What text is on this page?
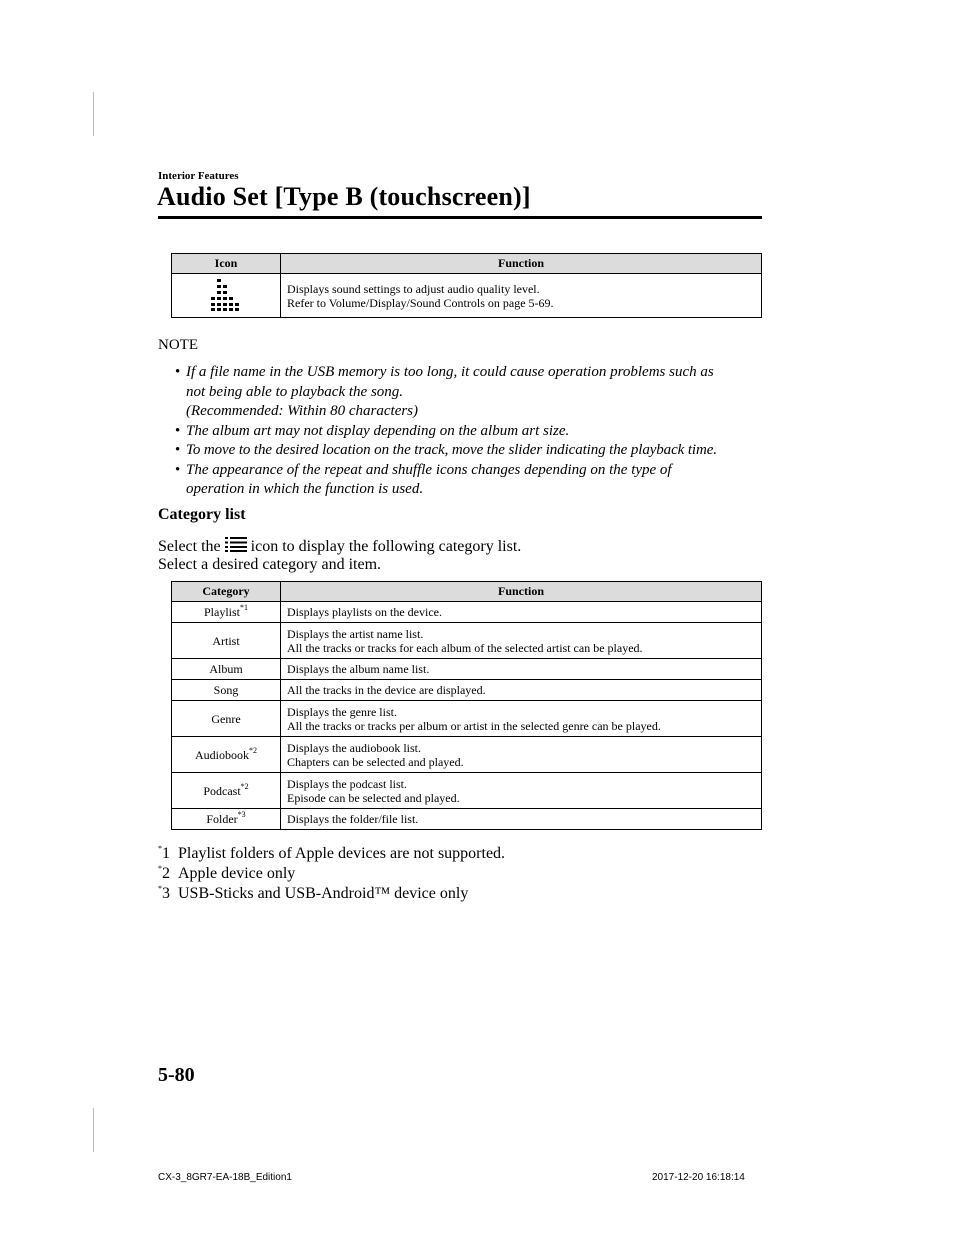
Interior Features
Audio Set [Type B (touchscreen)]
Icon	Function

Displays sound settings to adjust audio quality level.
Refer to Volume/Display/Sound Controls on page 5-69.
NOTE
• If a file name in the USB memory is too long, it could cause operation problems such as
not being able to playback the song.
(Recommended: Within 80 characters)
• The album art may not display depending on the album art size.
• To move to the desired location on the track, move the slider indicating the playback time.
• The appearance of the repeat and shuffle icons changes depending on the type of
operation in which the function is used.
Category list
Select the icon to display the following category list.
Select a desired category and item.
Category	Function
Playlist$^{*1}$	Displays playlists on the device.

Artist	Displays the artist name list.
All the tracks or tracks for each album of the selected artist can be played.

Album	Displays the album name list.

Song	All the tracks in the device are displayed.

Genre	Displays the genre list.
All the tracks or tracks per album or artist in the selected genre can be played.

Audiobook$^{*2}$	Displays the audiobook list.
Chapters can be selected and played.

Podcast$^{*2}$	Displays the podcast list.
Episode can be selected and played.

Folder$^{*3}$	Displays the folder/file list.
*1 Playlist folders of Apple devices are not supported.
*2 Apple device only
*3 USB-Sticks and USB-Android™ device only
5-80
CX-3_8GR7-EA-18B_Edition1	2017-12-20 16:18:14
